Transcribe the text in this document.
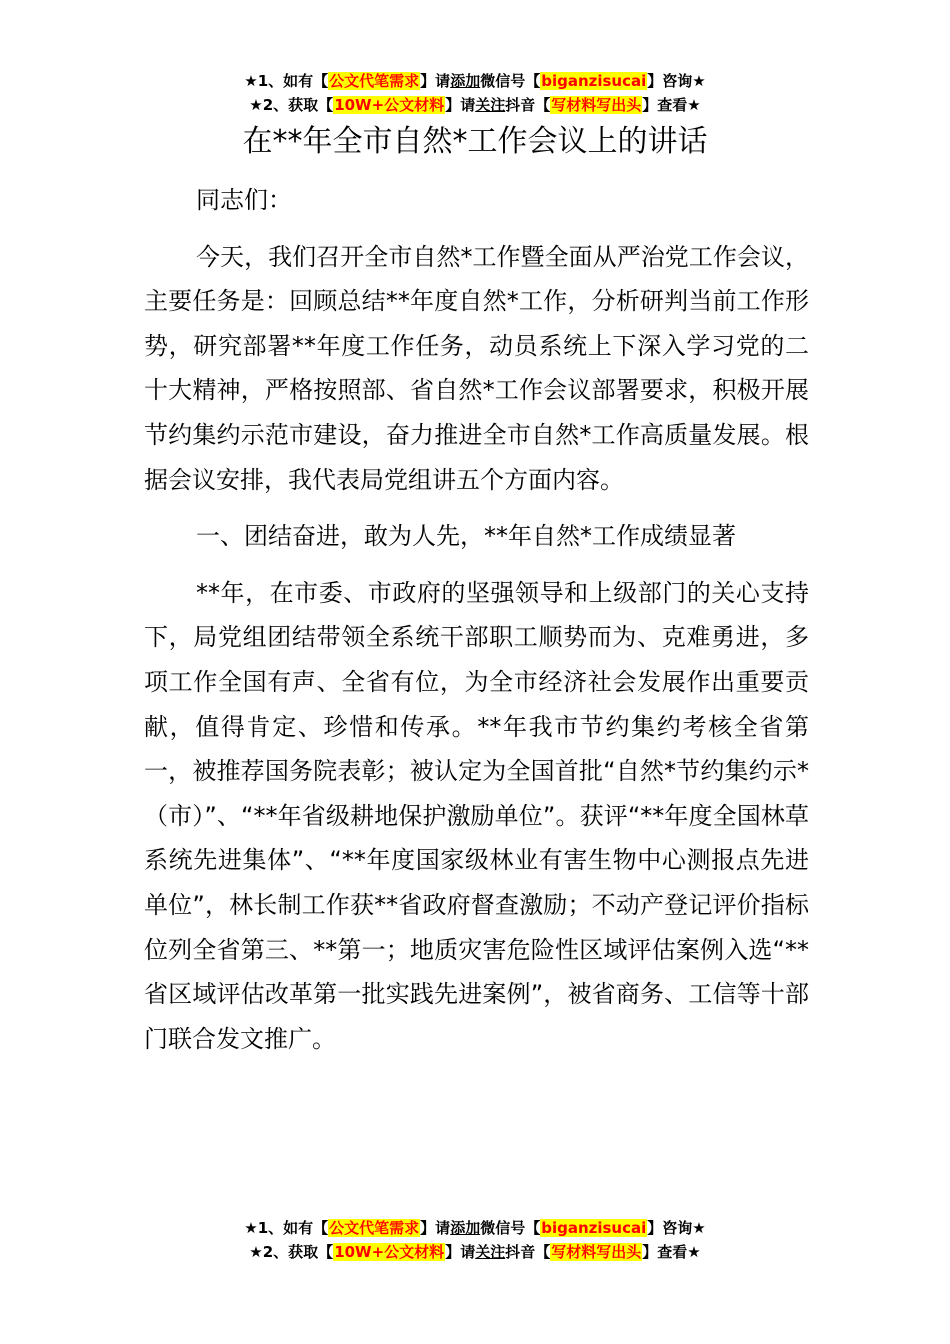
★1、如有【公文代笔需求】请添加微信号【biganzisucai】咨询★
★2、获取【10W+公文材料】请关注抖音【写材料写出头】查看★
在**年全市自然*工作会议上的讲话

同志们：

今天，我们召开全市自然*工作暨全面从严治党工作会议，主要任务是：回顾总结**年度自然*工作，分析研判当前工作形势，研究部署**年度工作任务，动员系统上下深入学习党的二十大精神，严格按照部、省自然*工作会议部署要求，积极开展节约集约示范市建设，奋力推进全市自然*工作高质量发展。根据会议安排，我代表局党组讲五个方面内容。

一、团结奋进，敢为人先，**年自然*工作成绩显著

**年，在市委、市政府的坚强领导和上级部门的关心支持下，局党组团结带领全系统干部职工顺势而为、克难勇进，多项工作全国有声、全省有位，为全市经济社会发展作出重要贡献，值得肯定、珍惜和传承。**年我市节约集约考核全省第一，被推荐国务院表彰；被认定为全国首批“自然*节约集约示*（市）”、“**年省级耕地保护激励单位”。获评“**年度全国林草系统先进集体”、“**年度国家级林业有害生物中心测报点先进单位”，林长制工作获**省政府督查激励；不动产登记评价指标位列全省第三、**第一；地质灾害危险性区域评估案例入选“**省区域评估改革第一批实践先进案例”，被省商务、工信等十部门联合发文推广。

★1、如有【公文代笔需求】请添加微信号【biganzisucai】咨询★
★2、获取【10W+公文材料】请关注抖音【写材料写出头】查看★
